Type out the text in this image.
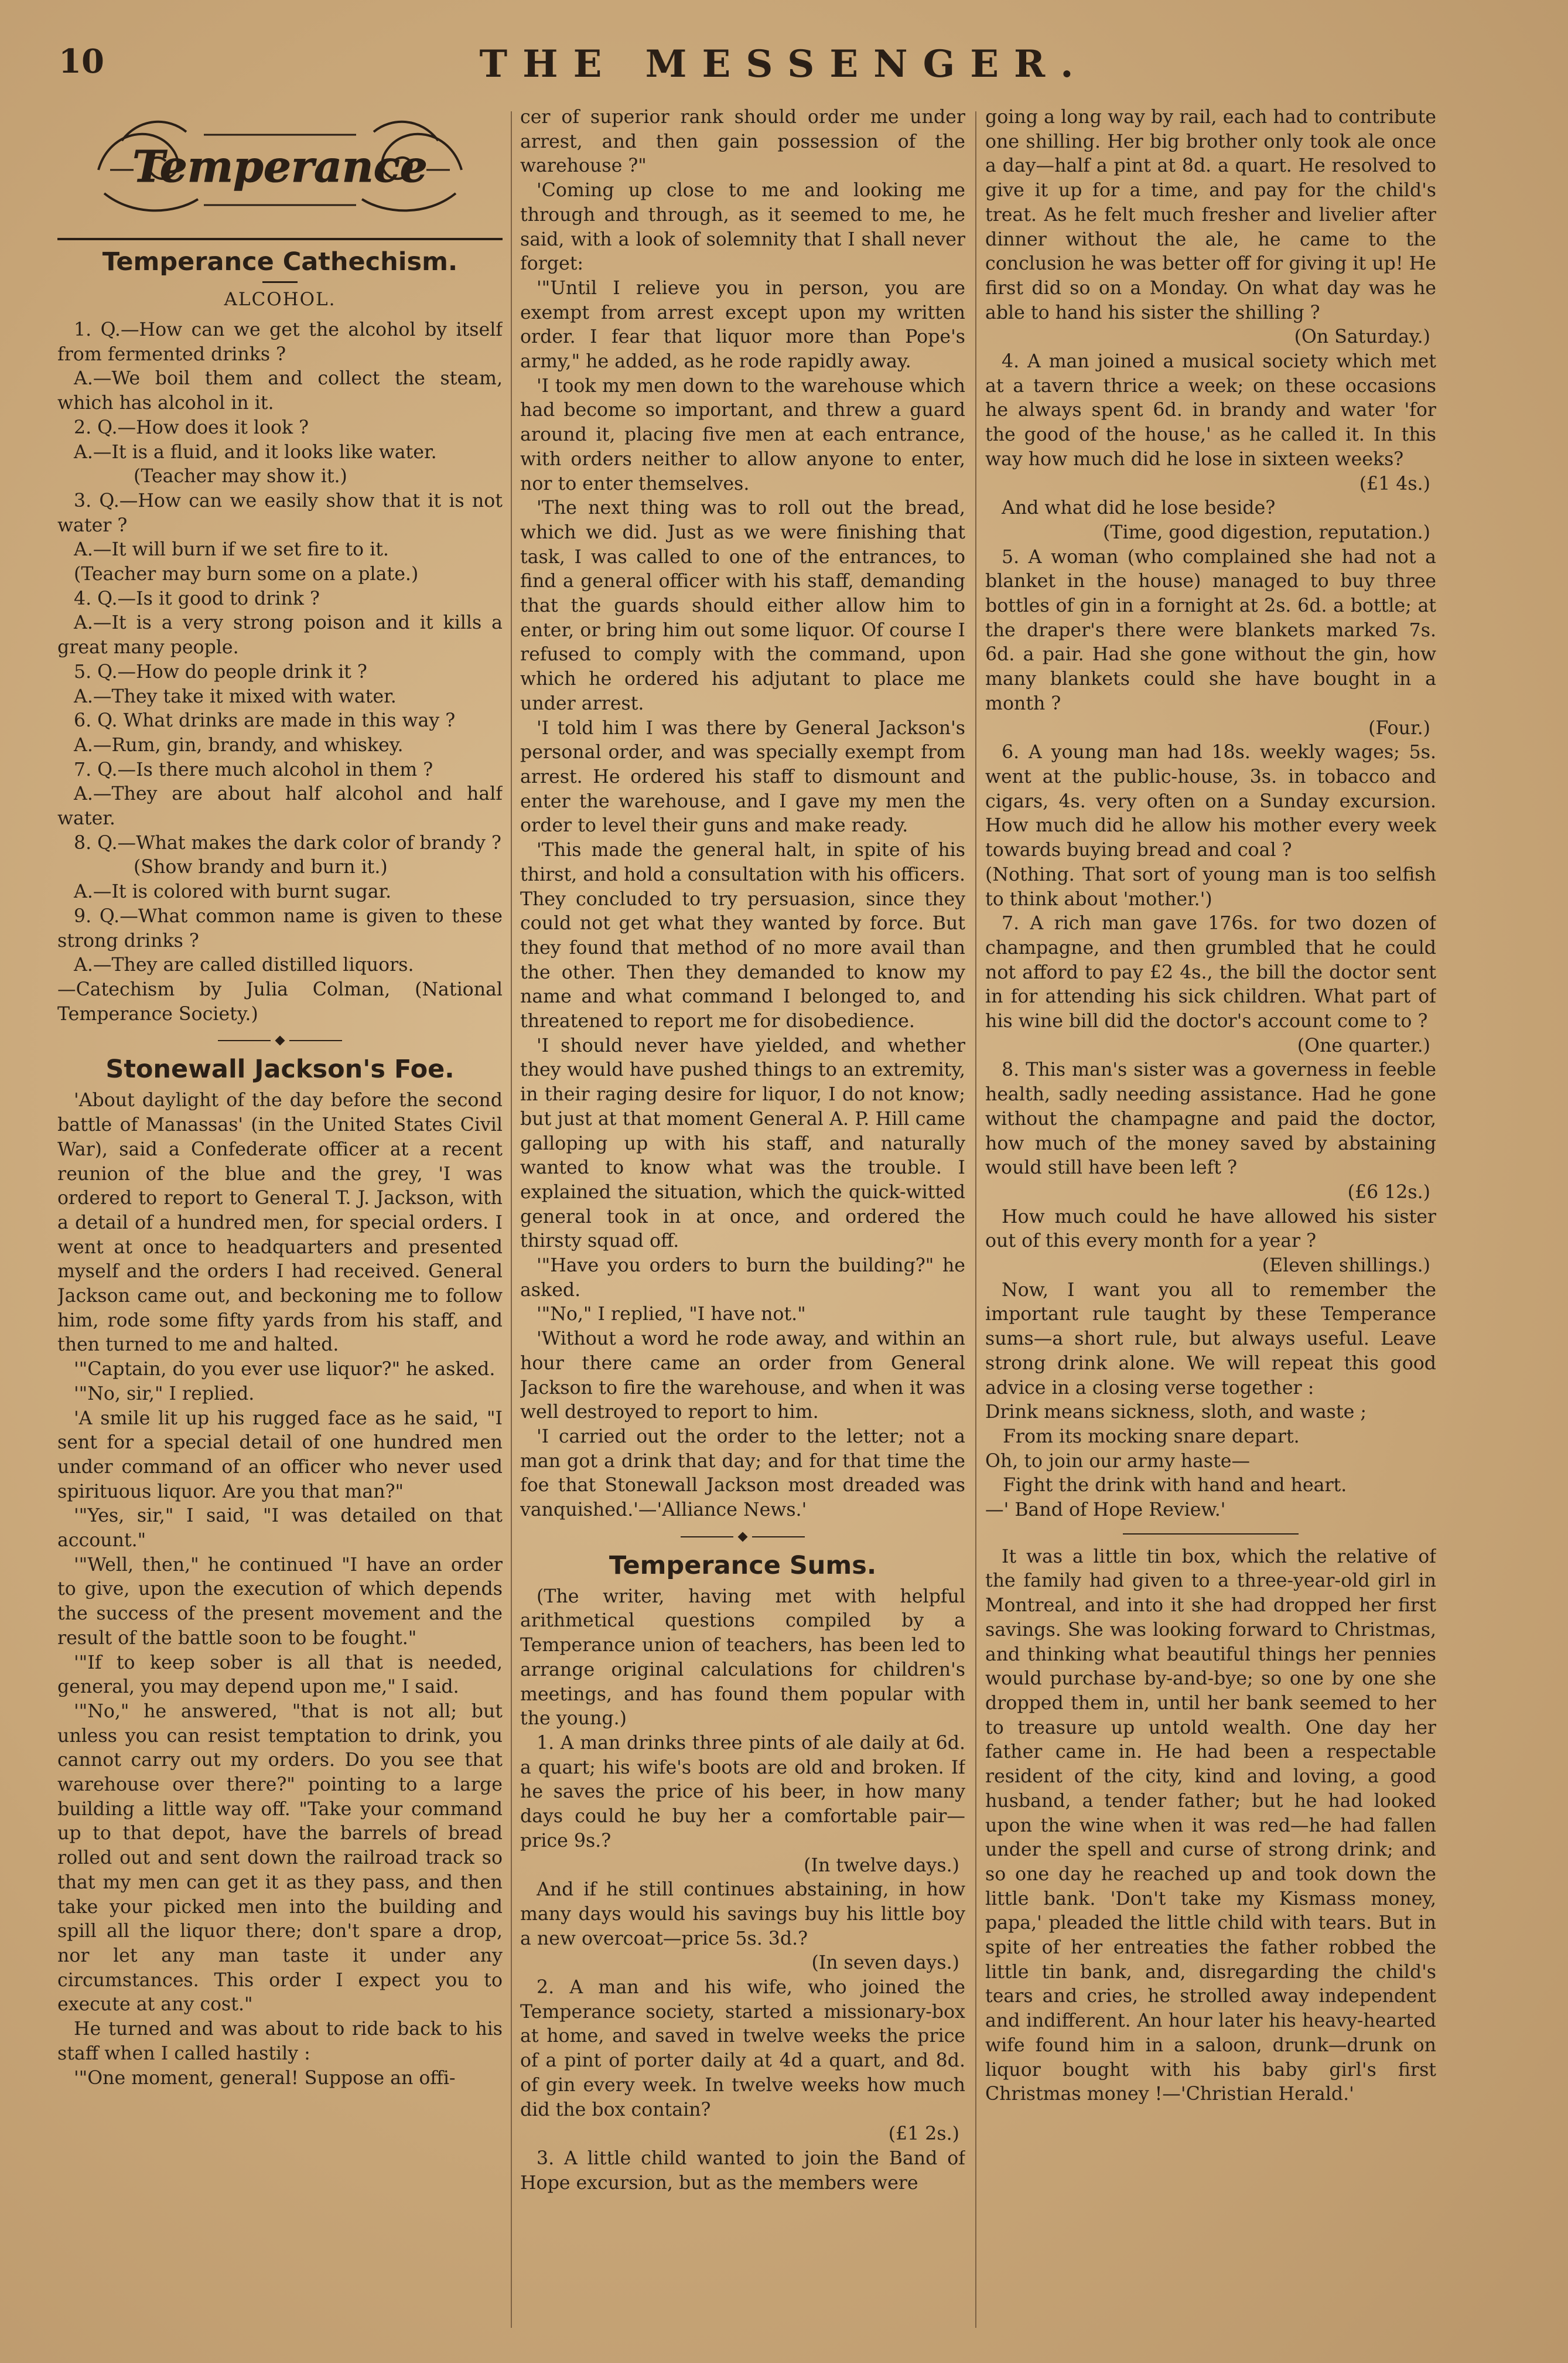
10	THE MESSENGER.
Temperance
Temperance Cathechism.
ALCOHOL.

1. Q.—How can we get the alcohol by itself from fermented drinks ?

A.—We boil them and collect the steam, which has alcohol in it.

2. Q.—How does it look ?

A.—It is a fluid, and it looks like water.

(Teacher may show it.)

3. Q.—How can we easily show that it is not water ?

A.—It will burn if we set fire to it.

(Teacher may burn some on a plate.)

4. Q.—Is it good to drink ?

A.—It is a very strong poison and it kills a great many people.

5. Q.—How do people drink it ?

A.—They take it mixed with water.

6. Q. What drinks are made in this way ?

A.—Rum, gin, brandy, and whiskey.

7. Q.—Is there much alcohol in them ?

A.—They are about half alcohol and half water.

8. Q.—What makes the dark color of brandy ?

(Show brandy and burn it.)

A.—It is colored with burnt sugar.

9. Q.—What common name is given to these strong drinks ?

A.—They are called distilled liquors.

—Catechism by Julia Colman, (National Temperance Society.)

Stonewall Jackson's Foe.

'About daylight of the day before the second battle of Manassas' (in the United States Civil War), said a Confederate officer at a recent reunion of the blue and the grey, 'I was ordered to report to General T. J. Jackson, with a detail of a hundred men, for special orders. I went at once to headquarters and presented myself and the orders I had received. General Jackson came out, and beckoning me to follow him, rode some fifty yards from his staff, and then turned to me and halted.

'"Captain, do you ever use liquor?" he asked.

'"No, sir," I replied.

'A smile lit up his rugged face as he said, "I sent for a special detail of one hundred men under command of an officer who never used spirituous liquor. Are you that man?"

'"Yes, sir," I said, "I was detailed on that account."

'"Well, then," he continued "I have an order to give, upon the execution of which depends the success of the present movement and the result of the battle soon to be fought."

'"If to keep sober is all that is needed, general, you may depend upon me," I said.

'"No," he answered, "that is not all; but unless you can resist temptation to drink, you cannot carry out my orders. Do you see that warehouse over there?" pointing to a large building a little way off. "Take your command up to that depot, have the barrels of bread rolled out and sent down the railroad track so that my men can get it as they pass, and then take your picked men into the building and spill all the liquor there; don't spare a drop, nor let any man taste it under any circumstances. This order I expect you to execute at any cost."

He turned and was about to ride back to his staff when I called hastily :

'"One moment, general! Suppose an offi-

cer of superior rank should order me under arrest, and then gain possession of the warehouse ?"

'Coming up close to me and looking me through and through, as it seemed to me, he said, with a look of solemnity that I shall never forget:

'"Until I relieve you in person, you are exempt from arrest except upon my written order. I fear that liquor more than Pope's army," he added, as he rode rapidly away.

'I took my men down to the warehouse which had become so important, and threw a guard around it, placing five men at each entrance, with orders neither to allow anyone to enter, nor to enter themselves.

'The next thing was to roll out the bread, which we did. Just as we were finishing that task, I was called to one of the entrances, to find a general officer with his staff, demanding that the guards should either allow him to enter, or bring him out some liquor. Of course I refused to comply with the command, upon which he ordered his adjutant to place me under arrest.

'I told him I was there by General Jackson's personal order, and was specially exempt from arrest. He ordered his staff to dismount and enter the warehouse, and I gave my men the order to level their guns and make ready.

'This made the general halt, in spite of his thirst, and hold a consultation with his officers. They concluded to try persuasion, since they could not get what they wanted by force. But they found that method of no more avail than the other. Then they demanded to know my name and what command I belonged to, and threatened to report me for disobedience.

'I should never have yielded, and whether they would have pushed things to an extremity, in their raging desire for liquor, I do not know; but just at that moment General A. P. Hill came galloping up with his staff, and naturally wanted to know what was the trouble. I explained the situation, which the quick-witted general took in at once, and ordered the thirsty squad off.

'"Have you orders to burn the building?" he asked.

'"No," I replied, "I have not."

'Without a word he rode away, and within an hour there came an order from General Jackson to fire the warehouse, and when it was well destroyed to report to him.

'I carried out the order to the letter; not a man got a drink that day; and for that time the foe that Stonewall Jackson most dreaded was vanquished.'—'Alliance News.'

Temperance Sums.

(The writer, having met with helpful arithmetical questions compiled by a Temperance union of teachers, has been led to arrange original calculations for children's meetings, and has found them popular with the young.)

1. A man drinks three pints of ale daily at 6d. a quart; his wife's boots are old and broken. If he saves the price of his beer, in how many days could he buy her a comfortable pair—price 9s.?

(In twelve days.)

And if he still continues abstaining, in how many days would his savings buy his little boy a new overcoat—price 5s. 3d.?

(In seven days.)

2. A man and his wife, who joined the Temperance society, started a missionary-box at home, and saved in twelve weeks the price of a pint of porter daily at 4d a quart, and 8d. of gin every week. In twelve weeks how much did the box contain?

(£1 2s.)

3. A little child wanted to join the Band of Hope excursion, but as the members were

going a long way by rail, each had to contribute one shilling. Her big brother only took ale once a day—half a pint at 8d. a quart. He resolved to give it up for a time, and pay for the child's treat. As he felt much fresher and livelier after dinner without the ale, he came to the conclusion he was better off for giving it up! He first did so on a Monday. On what day was he able to hand his sister the shilling ?

(On Saturday.)

4. A man joined a musical society which met at a tavern thrice a week; on these occasions he always spent 6d. in brandy and water 'for the good of the house,' as he called it. In this way how much did he lose in sixteen weeks?

(£1 4s.)

And what did he lose beside?

(Time, good digestion, reputation.)

5. A woman (who complained she had not a blanket in the house) managed to buy three bottles of gin in a fornight at 2s. 6d. a bottle; at the draper's there were blankets marked 7s. 6d. a pair. Had she gone without the gin, how many blankets could she have bought in a month ?

(Four.)

6. A young man had 18s. weekly wages; 5s. went at the public-house, 3s. in tobacco and cigars, 4s. very often on a Sunday excursion. How much did he allow his mother every week towards buying bread and coal ?

(Nothing. That sort of young man is too selfish to think about 'mother.')

7. A rich man gave 176s. for two dozen of champagne, and then grumbled that he could not afford to pay £2 4s., the bill the doctor sent in for attending his sick children. What part of his wine bill did the doctor's account come to ?

(One quarter.)

8. This man's sister was a governess in feeble health, sadly needing assistance. Had he gone without the champagne and paid the doctor, how much of the money saved by abstaining would still have been left ?

(£6 12s.)

How much could he have allowed his sister out of this every month for a year ?

(Eleven shillings.)

Now, I want you all to remember the important rule taught by these Temperance sums—a short rule, but always useful. Leave strong drink alone. We will repeat this good advice in a closing verse together :

Drink means sickness, sloth, and waste ;

From its mocking snare depart.

Oh, to join our army haste—

Fight the drink with hand and heart.

—' Band of Hope Review.'

It was a little tin box, which the relative of the family had given to a three-year-old girl in Montreal, and into it she had dropped her first savings. She was looking forward to Christmas, and thinking what beautiful things her pennies would purchase by-and-bye; so one by one she dropped them in, until her bank seemed to her to treasure up untold wealth. One day her father came in. He had been a respectable resident of the city, kind and loving, a good husband, a tender father; but he had looked upon the wine when it was red—he had fallen under the spell and curse of strong drink; and so one day he reached up and took down the little bank. 'Don't take my Kismass money, papa,' pleaded the little child with tears. But in spite of her entreaties the father robbed the little tin bank, and, disregarding the child's tears and cries, he strolled away independent and indifferent. An hour later his heavy-hearted wife found him in a saloon, drunk—drunk on liquor bought with his baby girl's first Christmas money !—'Christian Herald.'
